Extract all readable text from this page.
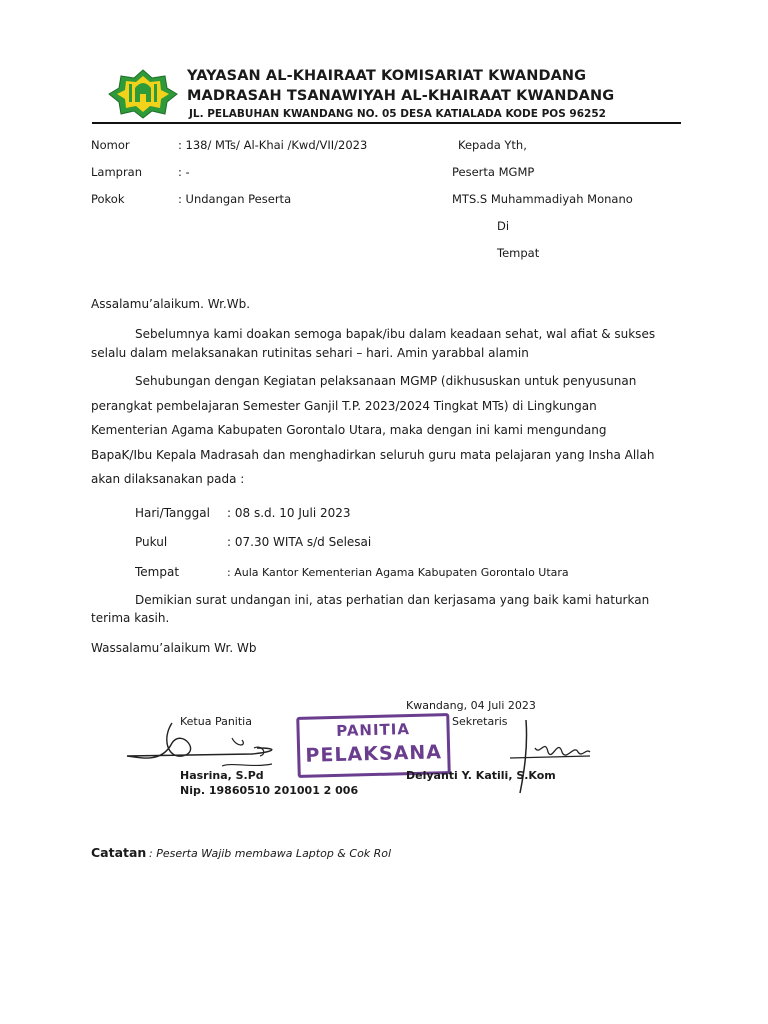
YAYASAN AL-KHAIRAAT KOMISARIAT KWANDANG
MADRASAH TSANAWIYAH AL-KHAIRAAT KWANDANG
JL. PELABUHAN KWANDANG NO. 05 DESA KATIALADA KODE POS 96252
Nomor	: 138/ MTs/ Al-Khai /Kwd/VII/2023
Lampran	: -
Pokok	: Undangan Peserta
Kepada Yth,
Peserta MGMP
MTS.S Muhammadiyah Monano
Di
Tempat
Assalamu’alaikum. Wr.Wb.
Sebelumnya kami doakan semoga bapak/ibu dalam keadaan sehat, wal afiat & sukses
selalu dalam melaksanakan rutinitas sehari – hari. Amin yarabbal alamin
Sehubungan dengan Kegiatan pelaksanaan MGMP (dikhususkan untuk penyusunan
perangkat pembelajaran Semester Ganjil T.P. 2023/2024 Tingkat MTs) di Lingkungan
Kementerian Agama Kabupaten Gorontalo Utara, maka dengan ini kami mengundang
BapaK/Ibu Kepala Madrasah dan menghadirkan seluruh guru mata pelajaran yang Insha Allah
akan dilaksanakan pada :
Hari/Tanggal : 08 s.d. 10 Juli 2023
Pukul	: 07.30 WITA s/d Selesai
Tempat	: Aula Kantor Kementerian Agama Kabupaten Gorontalo Utara
Demikian surat undangan ini, atas perhatian dan kerjasama yang baik kami haturkan
terima kasih.
Wassalamu’alaikum Wr. Wb
Kwandang, 04 Juli 2023
Ketua Panitia	Sekretaris
PANITIA
PELAKSANA
Hasrina, S.Pd
Nip. 19860510 201001 2 006
Delyanti Y. Katili, S.Kom
Catatan : Peserta Wajib membawa Laptop & Cok Rol
